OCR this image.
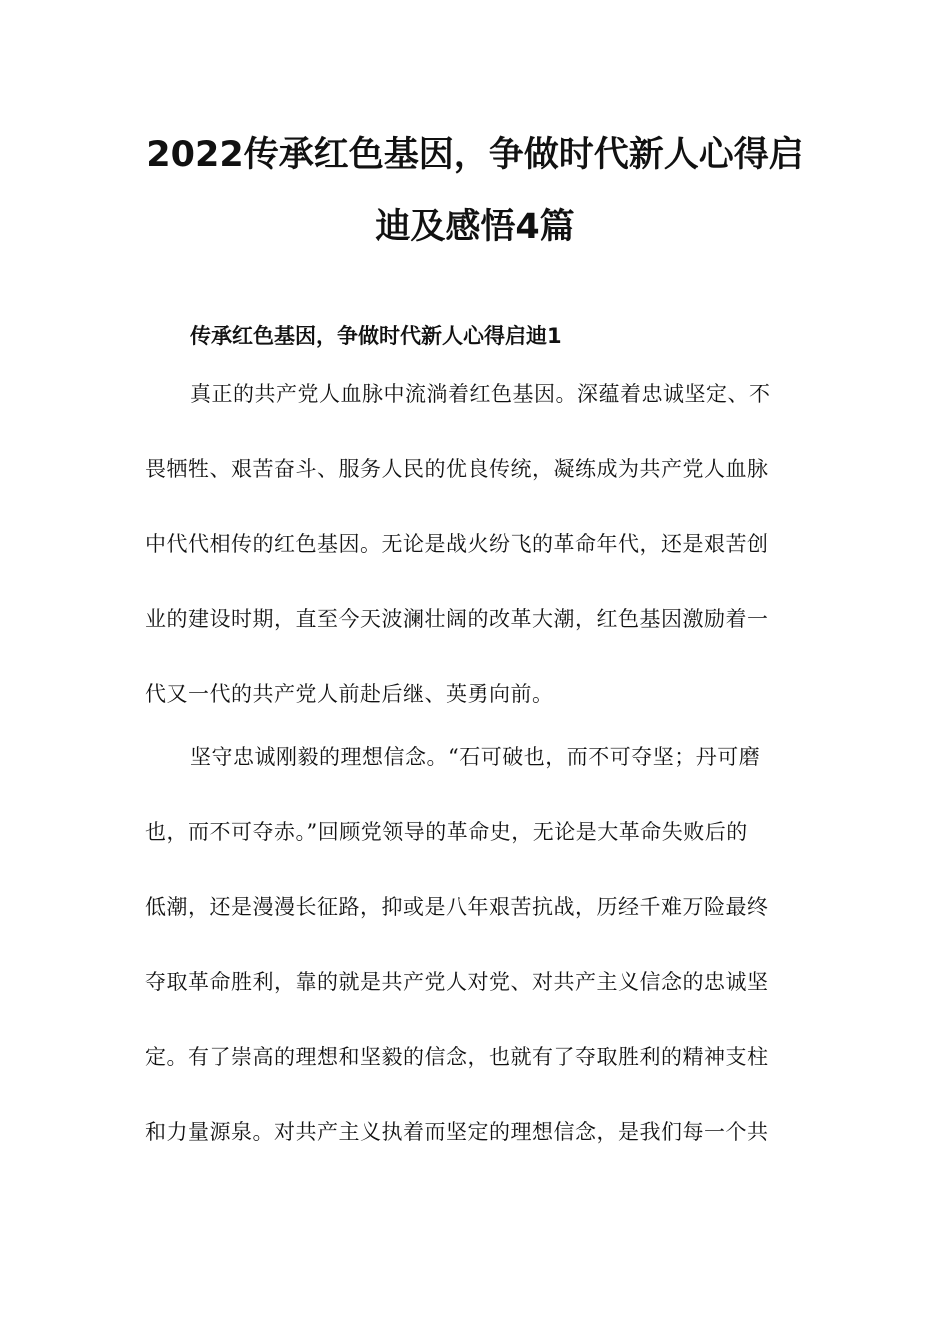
2022传承红色基因，争做时代新人心得启
迪及感悟4篇
传承红色基因，争做时代新人心得启迪1
真正的共产党人血脉中流淌着红色基因。深蕴着忠诚坚定、不
畏牺牲、艰苦奋斗、服务人民的优良传统，凝练成为共产党人血脉
中代代相传的红色基因。无论是战火纷飞的革命年代，还是艰苦创
业的建设时期，直至今天波澜壮阔的改革大潮，红色基因激励着一
代又一代的共产党人前赴后继、英勇向前。
坚守忠诚刚毅的理想信念。“石可破也，而不可夺坚；丹可磨
也，而不可夺赤。”回顾党领导的革命史，无论是大革命失败后的
低潮，还是漫漫长征路，抑或是八年艰苦抗战，历经千难万险最终
夺取革命胜利，靠的就是共产党人对党、对共产主义信念的忠诚坚
定。有了崇高的理想和坚毅的信念，也就有了夺取胜利的精神支柱
和力量源泉。对共产主义执着而坚定的理想信念，是我们每一个共
